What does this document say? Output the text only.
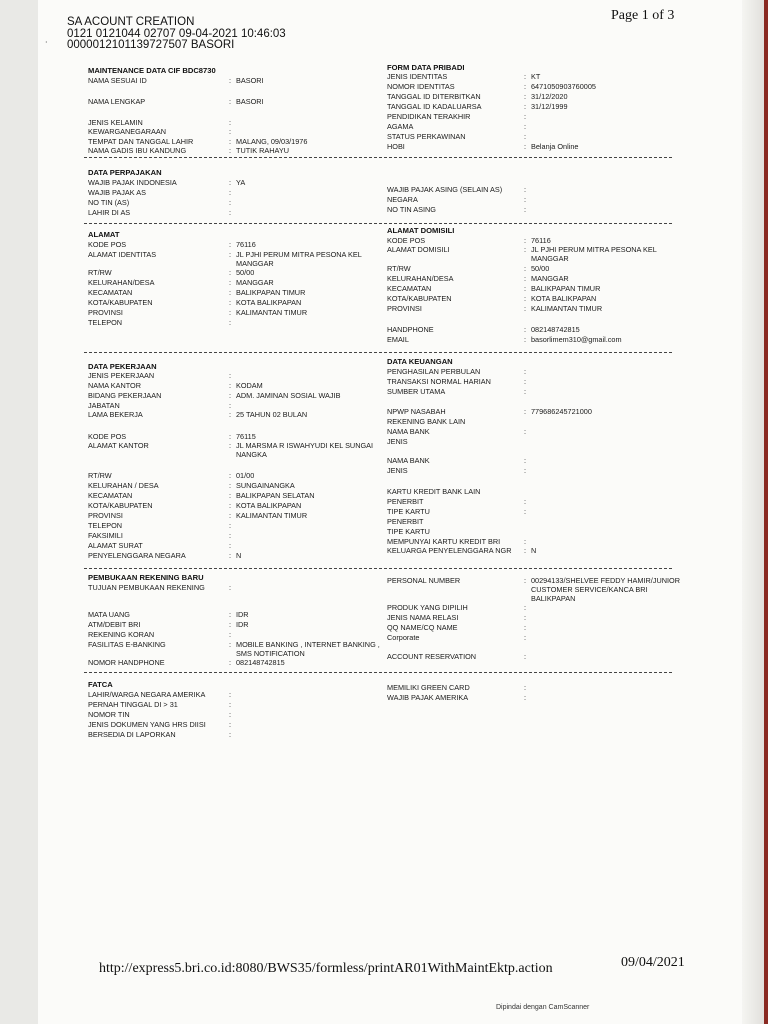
SA ACOUNT CREATION
0121 0121044 02707 09-04-2021 10:46:03
00000121011397275​07 BASORI
Page 1 of 3
·
MAINTENANCE DATA CIF BDC8730
NAMA SESUAI ID	: BASORI
NAMA LENGKAP	: BASORI
JENIS KELAMIN	:
KEWARGANEGARAAN	:
TEMPAT DAN TANGGAL LAHIR	: MALANG, 09/03/1976
NAMA GADIS IBU KANDUNG	: TUTIK RAHAYU
DATA PERPAJAKAN
WAJIB PAJAK INDONESIA	: YA
WAJIB PAJAK AS	:
NO TIN (AS)	:
LAHIR DI AS	:
ALAMAT
KODE POS	: 76116
ALAMAT IDENTITAS	: JL PJHI PERUM MITRA PESONA KEL MANGGAR
RT/RW	: 50/00
KELURAHAN/DESA	: MANGGAR
KECAMATAN	: BALIKPAPAN TIMUR
KOTA/KABUPATEN	: KOTA BALIKPAPAN
PROVINSI	: KALIMANTAN TIMUR
TELEPON	:
DATA PEKERJAAN
JENIS PEKERJAAN	:
NAMA KANTOR	: KODAM
BIDANG PEKERJAAN	: ADM. JAMINAN SOSIAL WAJIB
JABATAN	:
LAMA BEKERJA	: 25 TAHUN 02 BULAN
KODE POS	: 76115
ALAMAT KANTOR	: JL MARSMA R ISWAHYUDI KEL SUNGAI NANGKA
RT/RW	: 01/00
KELURAHAN / DESA	: SUNGAINANGKA
KECAMATAN	: BALIKPAPAN SELATAN
KOTA/KABUPATEN	: KOTA BALIKPAPAN
PROVINSI	: KALIMANTAN TIMUR
TELEPON	:
FAKSIMILI	:
ALAMAT SURAT	:
PENYELENGGARA NEGARA	: N
PEMBUKAAN REKENING BARU
TUJUAN PEMBUKAAN REKENING	:
MATA UANG	: IDR
ATM/DEBIT BRI	: IDR
REKENING KORAN	:
FASILITAS E-BANKING	: MOBILE BANKING , INTERNET BANKING , SMS NOTIFICATION
NOMOR HANDPHONE	: 082148742815
FATCA
LAHIR/WARGA NEGARA AMERIKA	:
PERNAH TINGGAL DI > 31	:
NOMOR TIN	:
JENIS DOKUMEN YANG HRS DIISI	:
BERSEDIA DI LAPORKAN	:
FORM DATA PRIBADI
JENIS IDENTITAS	: KT
NOMOR IDENTITAS	: 6471050903760005
TANGGAL ID DITERBITKAN	: 31/12/2020
TANGGAL ID KADALUARSA	: 31/12/1999
PENDIDIKAN TERAKHIR	:
AGAMA	:
STATUS PERKAWINAN	:
HOBI	: Belanja Online
WAJIB PAJAK ASING (SELAIN AS)	:
NEGARA	:
NO TIN ASING	:
ALAMAT DOMISILI
KODE POS	: 76116
ALAMAT DOMISILI	: JL PJHI PERUM MITRA PESONA KEL MANGGAR
RT/RW	: 50/00
KELURAHAN/DESA	: MANGGAR
KECAMATAN	: BALIKPAPAN TIMUR
KOTA/KABUPATEN	: KOTA BALIKPAPAN
PROVINSI	: KALIMANTAN TIMUR
HANDPHONE	: 082148742815
EMAIL	: basorlimem310@gmail.com
DATA KEUANGAN
PENGHASILAN PERBULAN	:
TRANSAKSI NORMAL HARIAN	:
SUMBER UTAMA	:
NPWP NASABAH	: 779686245721000
REKENING BANK LAIN
NAMA BANK	:
JENIS
NAMA BANK	:
JENIS	:
KARTU KREDIT BANK LAIN
PENERBIT	:
TIPE KARTU	:
PENERBIT
TIPE KARTU
MEMPUNYAI KARTU KREDIT BRI	:
KELUARGA PENYELENGGARA NGR : N
PERSONAL NUMBER	: 00294133/SHELVEE FEDDY HAMIR/JUNIOR CUSTOMER SERVICE/KANCA BRI BALIKPAPAN
PRODUK YANG DIPILIH	:
JENIS NAMA RELASI	:
QQ NAME/CQ NAME	:
Corporate	:
ACCOUNT RESERVATION	:
MEMILIKI GREEN CARD	:
WAJIB PAJAK AMERIKA	:
http://express5.bri.co.id:8080/BWS35/formless/printAR01WithMaintEktp.action	09/04/2021
Dipindai dengan CamScanner
